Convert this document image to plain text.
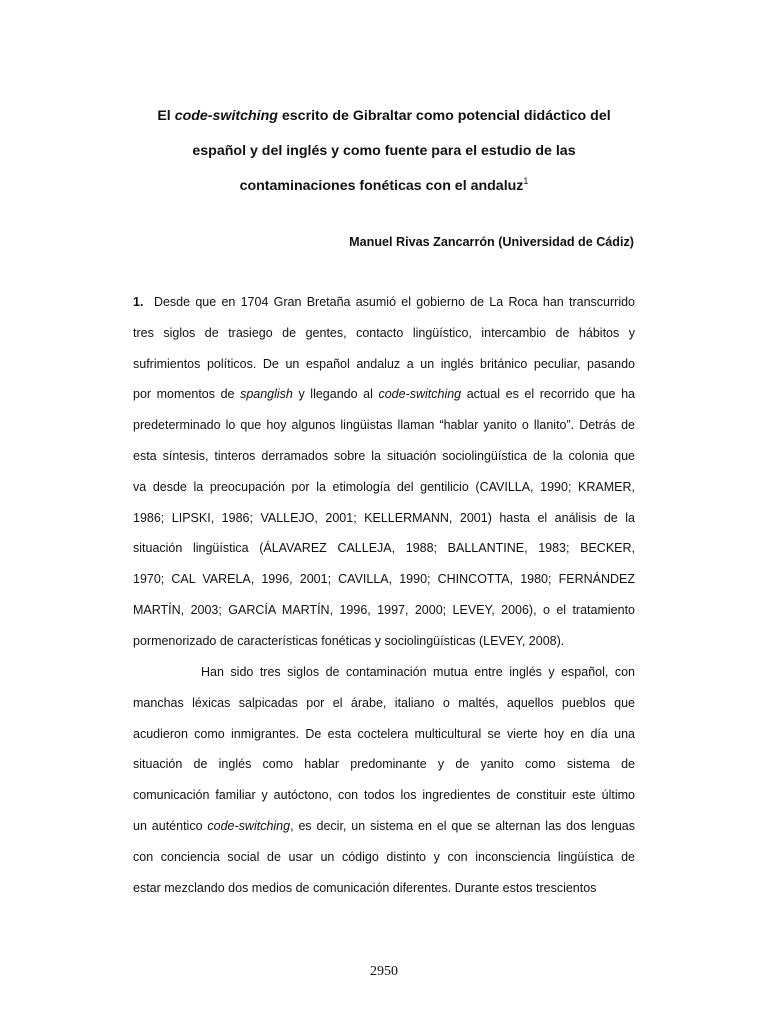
El code-switching escrito de Gibraltar como potencial didáctico del
español y del inglés y como fuente para el estudio de las
contaminaciones fonéticas con el andaluz$^1$
Manuel Rivas Zancarrón (Universidad de Cádiz)
1. Desde que en 1704 Gran Bretaña asumió el gobierno de La Roca han transcurrido
tres siglos de trasiego de gentes, contacto lingüístico, intercambio de hábitos y
sufrimientos políticos. De un español andaluz a un inglés británico peculiar, pasando
por momentos de spanglish y llegando al code-switching actual es el recorrido que ha
predeterminado lo que hoy algunos lingüistas llaman “hablar yanito o llanito”. Detrás de
esta síntesis, tinteros derramados sobre la situación sociolingüística de la colonia que
va desde la preocupación por la etimología del gentilicio (CAVILLA, 1990; KRAMER,
1986; LIPSKI, 1986; VALLEJO, 2001; KELLERMANN, 2001) hasta el análisis de la
situación lingüística (ÁLAVAREZ CALLEJA, 1988; BALLANTINE, 1983; BECKER,
1970; CAL VARELA, 1996, 2001; CAVILLA, 1990; CHINCOTTA, 1980; FERNÁNDEZ
MARTÍN, 2003; GARCÍA MARTÍN, 1996, 1997, 2000; LEVEY, 2006), o el tratamiento
pormenorizado de características fonéticas y sociolingüísticas (LEVEY, 2008).
Han sido tres siglos de contaminación mutua entre inglés y español, con
manchas léxicas salpicadas por el árabe, italiano o maltés, aquellos pueblos que
acudieron como inmigrantes. De esta coctelera multicultural se vierte hoy en día una
situación de inglés como hablar predominante y de yanito como sistema de
comunicación familiar y autóctono, con todos los ingredientes de constituir este último
un auténtico code-switching, es decir, un sistema en el que se alternan las dos lenguas
con conciencia social de usar un código distinto y con inconsciencia lingüística de
estar mezclando dos medios de comunicación diferentes. Durante estos trescientos
2950
